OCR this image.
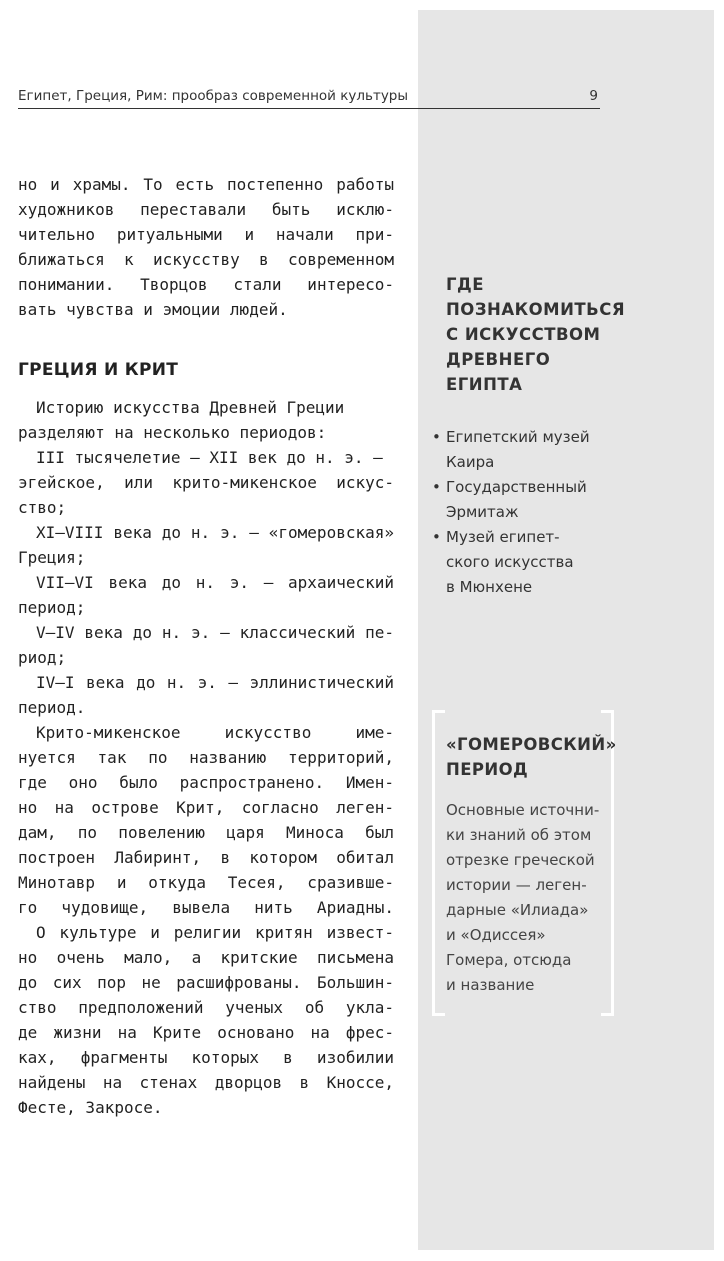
Египет, Греция, Рим: прообраз современной культуры	9

но и храмы. То есть постепенно работы
художников переставали быть исклю-
чительно ритуальными и начали при-
ближаться к искусству в современном
понимании. Творцов стали интересо-
вать чувства и эмоции людей.

ГРЕЦИЯ И КРИТ

Историю искусства Древней Греции
разделяют на несколько периодов:
III тысячелетие — XII век до н. э. —
эгейское, или крито-микенское искус-
ство;
XI–VIII века до н. э. — «гомеровская»
Греция;
VII–VI века до н. э. — архаический
период;
V–IV века до н. э. — классический пе-
риод;
IV–I века до н. э. — эллинистический
период.

Крито-микенское искусство име-
нуется так по названию территорий,
где оно было распространено. Имен-
но на острове Крит, согласно леген-
дам, по повелению царя Миноса был
построен Лабиринт, в котором обитал
Минотавр и откуда Тесея, сразивше-
го чудовище, вывела нить Ариадны.

О культуре и религии критян извест-
но очень мало, а критские письмена
до сих пор не расшифрованы. Большин-
ство предположений ученых об укла-
де жизни на Крите основано на фрес-
ках, фрагменты которых в изобилии
найдены на стенах дворцов в Кноссе,
Фесте, Закросе.

ГДЕ
ПОЗНАКОМИТЬСЯ
С ИСКУССТВОМ
ДРЕВНЕГО
ЕГИПТА
• Египетский музей
Каира
• Государственный
Эрмитаж
• Музей египет-
ского искусства
в Мюнхене
«ГОМЕРОВСКИЙ»
ПЕРИОД
Основные источни-
ки знаний об этом
отрезке греческой
истории — леген-
дарные «Илиада»
и «Одиссея»
Гомера, отсюда
и название
